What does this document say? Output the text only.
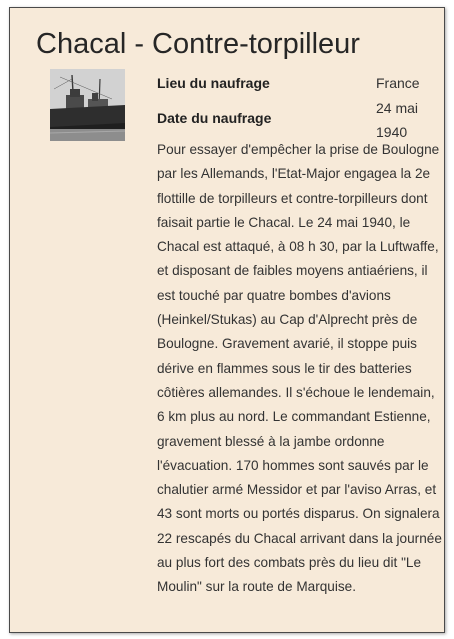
Chacal - Contre-torpilleur
Lieu du naufrage	France
Date du naufrage
24 mai 1940

Pour essayer d'empêcher la prise de Boulogne par les Allemands, l'Etat-Major engagea la 2e flottille de torpilleurs et contre-torpilleurs dont faisait partie le Chacal. Le 24 mai 1940, le Chacal est attaqué, à 08 h 30, par la Luftwaffe, et disposant de faibles moyens antiaériens, il est touché par quatre bombes d'avions (Heinkel/Stukas) au Cap d'Alprecht près de Boulogne. Gravement avarié, il stoppe puis dérive en flammes sous le tir des batteries côtières allemandes. Il s'échoue le lendemain, 6 km plus au nord. Le commandant Estienne, gravement blessé à la jambe ordonne l'évacuation. 170 hommes sont sauvés par le chalutier armé Messidor et par l'aviso Arras, et 43 sont morts ou portés disparus. On signalera 22 rescapés du Chacal arrivant dans la journée au plus fort des combats près du lieu dit "Le Moulin" sur la route de Marquise.
